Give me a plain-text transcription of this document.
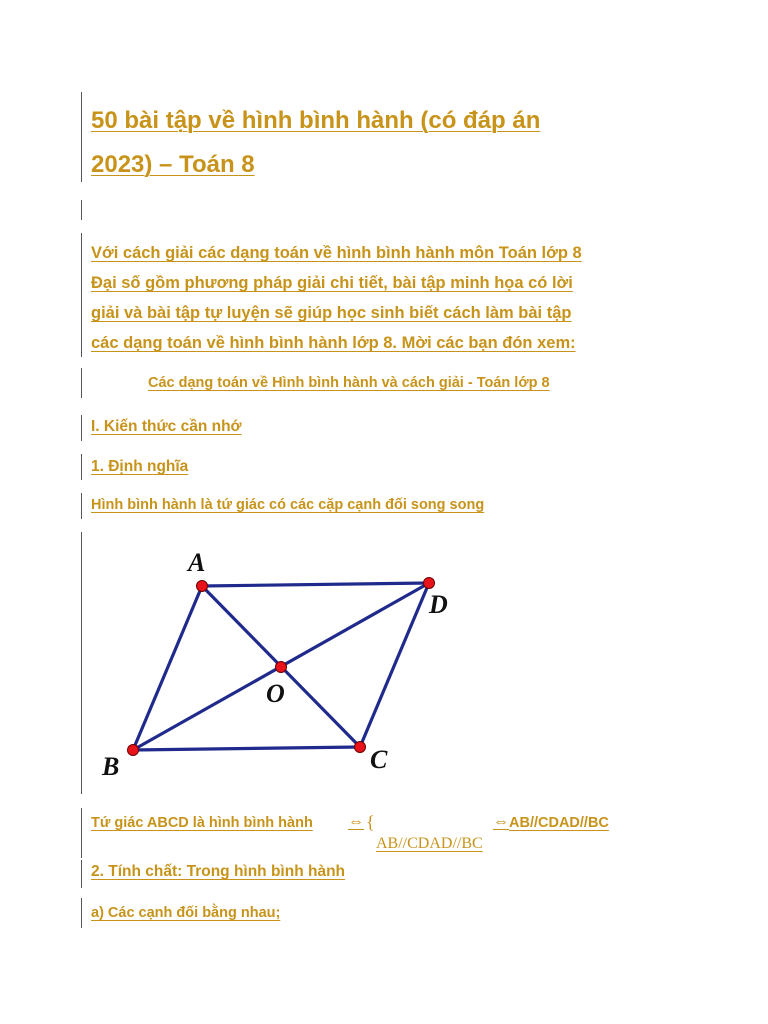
50 bài tập về hình bình hành (có đáp án
2023) – Toán 8
Với cách giải các dạng toán về hình bình hành môn Toán lớp 8
Đại số gồm phương pháp giải chi tiết, bài tập minh họa có lời
giải và bài tập tự luyện sẽ giúp học sinh biết cách làm bài tập
các dạng toán về hình bình hành lớp 8. Mời các bạn đón xem:
Các dạng toán về Hình bình hành và cách giải - Toán lớp 8
I. Kiến thức cần nhớ
1. Định nghĩa
Hình bình hành là tứ giác có các cặp cạnh đối song song
A
D
O
C
B
Tứ giác ABCD là hình bình hành ⇔ {	⇔ AB//CDAD//BC
AB//CDAD//BC
2. Tính chất: Trong hình bình hành
a) Các cạnh đối bằng nhau;
